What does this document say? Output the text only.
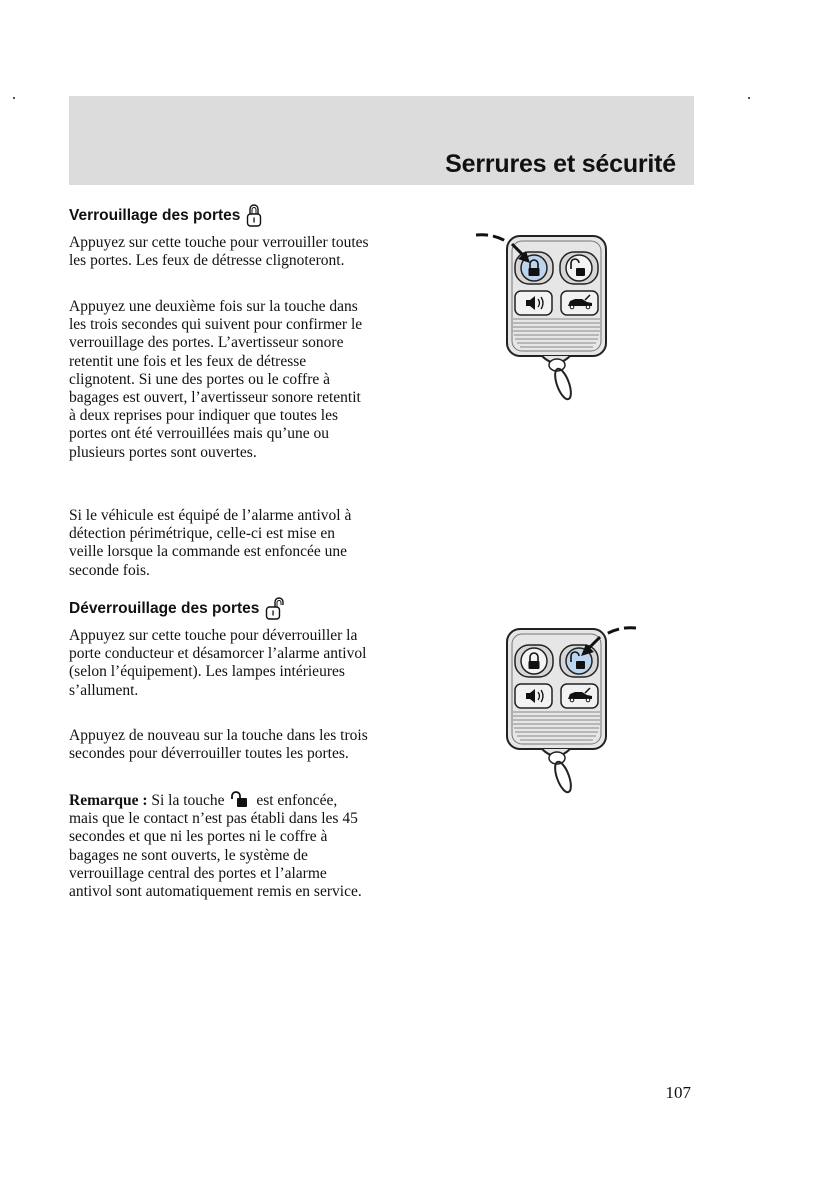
Serrures et sécurité
Verrouillage des portes

Appuyez sur cette touche pour verrouiller toutes les portes. Les feux de détresse clignoteront.

Appuyez une deuxième fois sur la touche dans les trois secondes qui suivent pour confirmer le verrouillage des portes. L’avertisseur sonore retentit une fois et les feux de détresse clignotent. Si une des portes ou le coffre à bagages est ouvert, l’avertisseur sonore retentit à deux reprises pour indiquer que toutes les portes ont été verrouillées mais qu’une ou plusieurs portes sont ouvertes.

Si le véhicule est équipé de l’alarme antivol à détection périmétrique, celle-ci est mise en veille lorsque la commande est enfoncée une seconde fois.

Déverrouillage des portes

Appuyez sur cette touche pour déverrouiller la porte conducteur et désamorcer l’alarme antivol (selon l’équipement). Les lampes intérieures s’allument.

Appuyez de nouveau sur la touche dans les trois secondes pour déverrouiller toutes les portes.

Remarque : Si la touche est enfoncée, mais que le contact n’est pas établi dans les 45 secondes et que ni les portes ni le coffre à bagages ne sont ouverts, le système de verrouillage central des portes et l’alarme antivol sont automatiquement remis en service.

107
